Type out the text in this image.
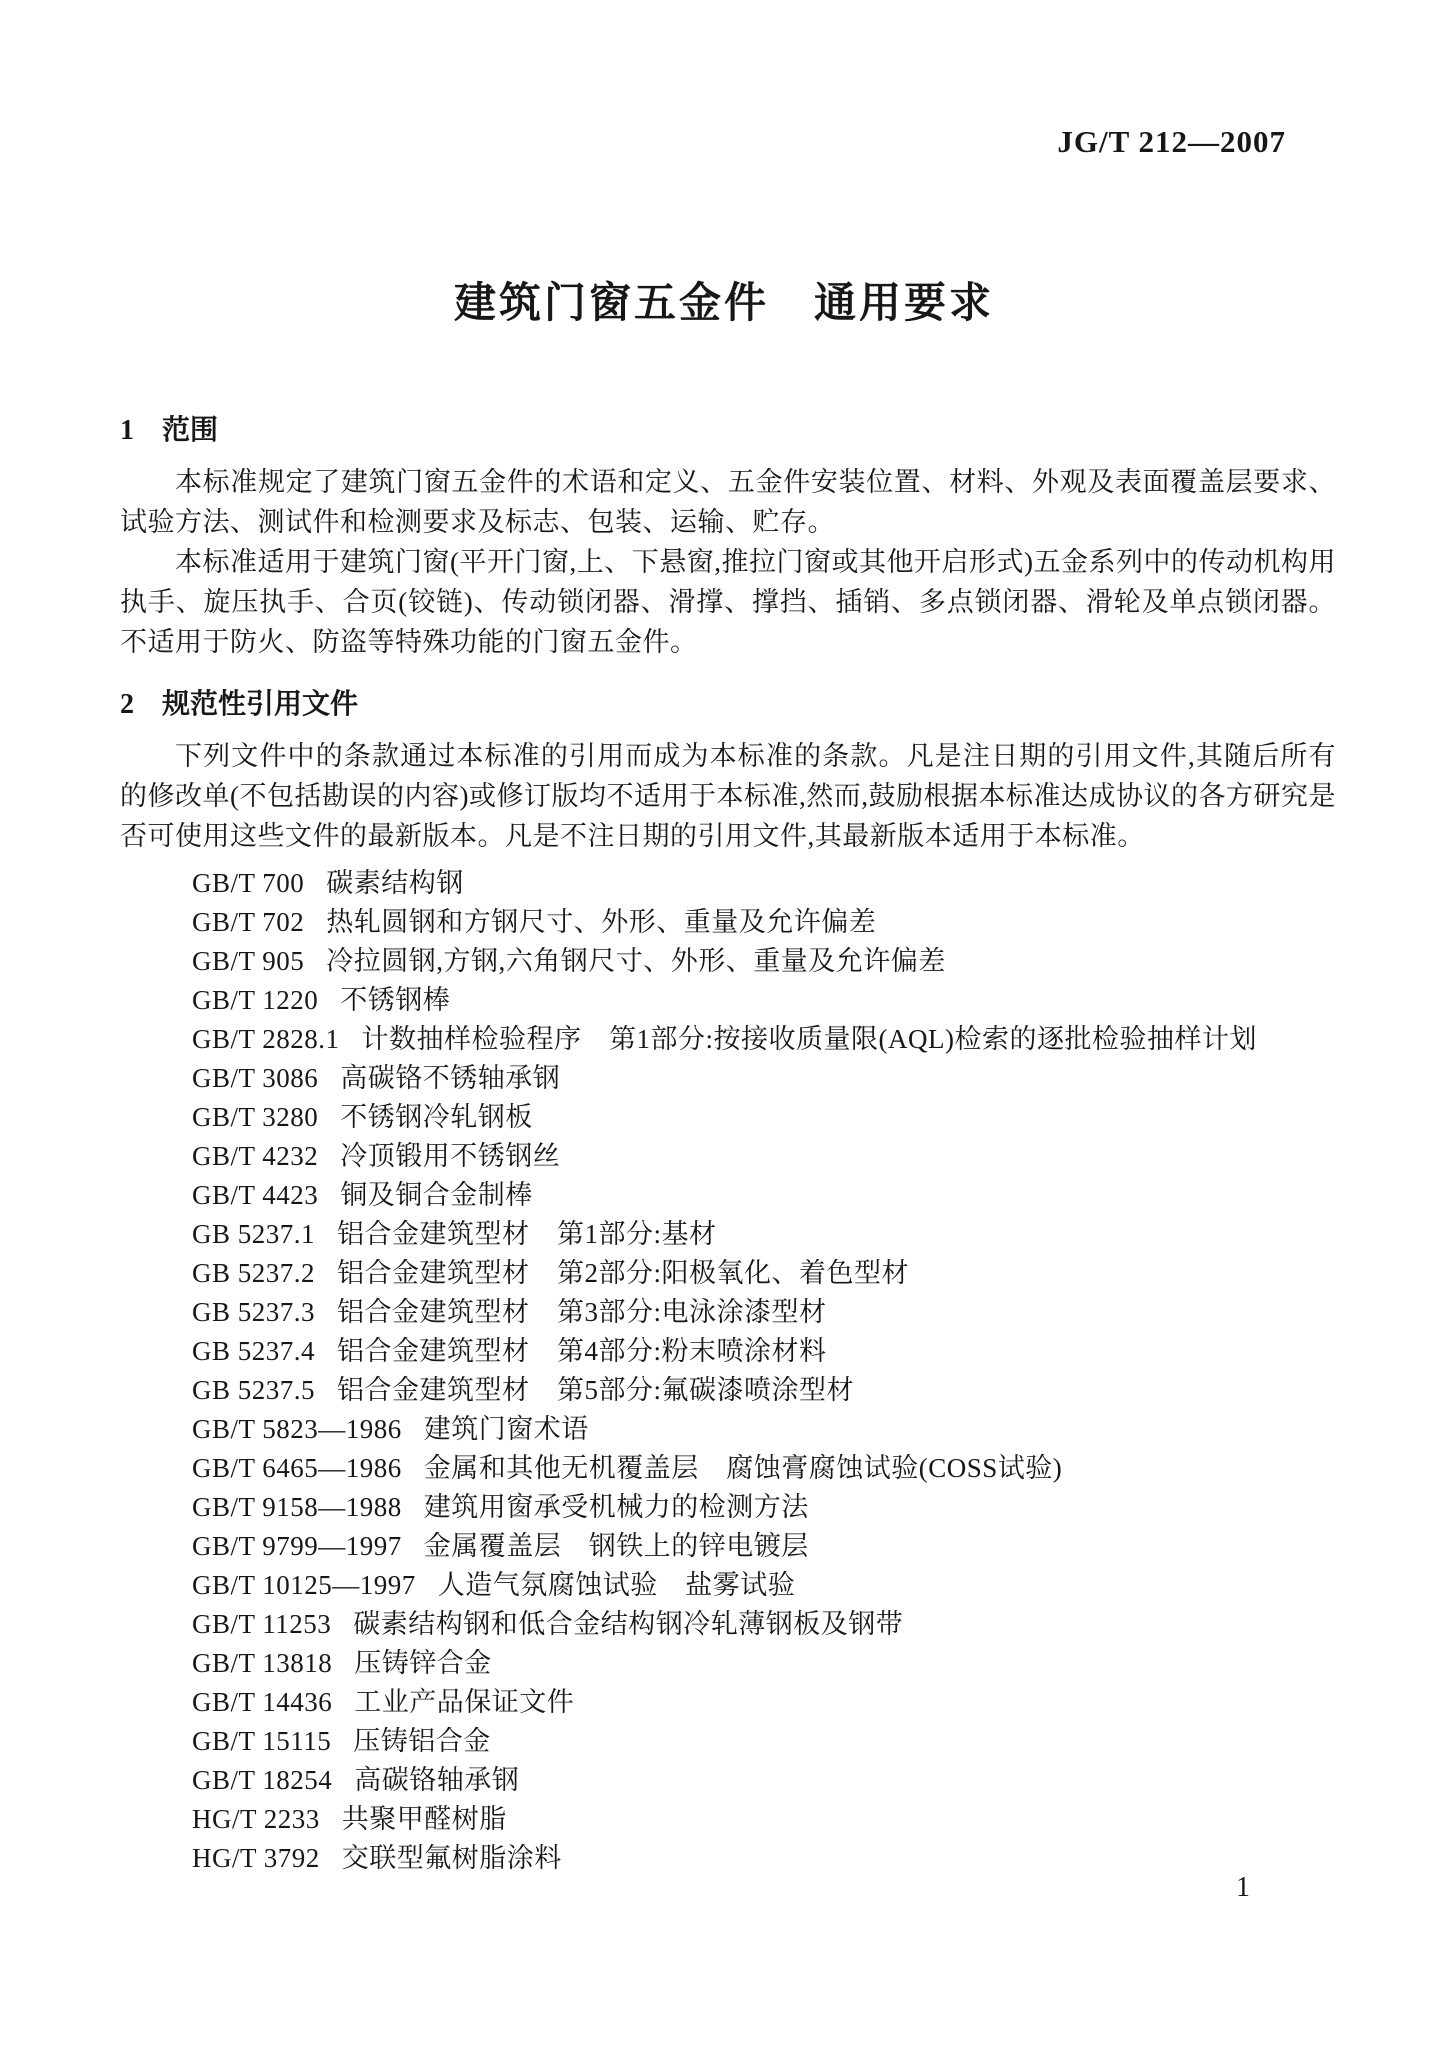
JG/T 212—2007
建筑门窗五金件　通用要求
1 范围

本标准规定了建筑门窗五金件的术语和定义、五金件安装位置、材料、外观及表面覆盖层要求、试验方法、测试件和检测要求及标志、包装、运输、贮存。

本标准适用于建筑门窗(平开门窗,上、下悬窗,推拉门窗或其他开启形式)五金系列中的传动机构用执手、旋压执手、合页(铰链)、传动锁闭器、滑撑、撑挡、插销、多点锁闭器、滑轮及单点锁闭器。不适用于防火、防盗等特殊功能的门窗五金件。

2 规范性引用文件

下列文件中的条款通过本标准的引用而成为本标准的条款。凡是注日期的引用文件,其随后所有的修改单(不包括勘误的内容)或修订版均不适用于本标准,然而,鼓励根据本标准达成协议的各方研究是否可使用这些文件的最新版本。凡是不注日期的引用文件,其最新版本适用于本标准。

GB/T 700 碳素结构钢
GB/T 702 热轧圆钢和方钢尺寸、外形、重量及允许偏差
GB/T 905 冷拉圆钢,方钢,六角钢尺寸、外形、重量及允许偏差
GB/T 1220 不锈钢棒
GB/T 2828.1 计数抽样检验程序　第1部分:按接收质量限(AQL)检索的逐批检验抽样计划
GB/T 3086 高碳铬不锈轴承钢
GB/T 3280 不锈钢冷轧钢板
GB/T 4232 冷顶锻用不锈钢丝
GB/T 4423 铜及铜合金制棒
GB 5237.1 铝合金建筑型材　第1部分:基材
GB 5237.2 铝合金建筑型材　第2部分:阳极氧化、着色型材
GB 5237.3 铝合金建筑型材　第3部分:电泳涂漆型材
GB 5237.4 铝合金建筑型材　第4部分:粉末喷涂材料
GB 5237.5 铝合金建筑型材　第5部分:氟碳漆喷涂型材
GB/T 5823—1986 建筑门窗术语
GB/T 6465—1986 金属和其他无机覆盖层　腐蚀膏腐蚀试验(COSS试验)
GB/T 9158—1988 建筑用窗承受机械力的检测方法
GB/T 9799—1997 金属覆盖层　钢铁上的锌电镀层
GB/T 10125—1997 人造气氛腐蚀试验　盐雾试验
GB/T 11253 碳素结构钢和低合金结构钢冷轧薄钢板及钢带
GB/T 13818 压铸锌合金
GB/T 14436 工业产品保证文件
GB/T 15115 压铸铝合金
GB/T 18254 高碳铬轴承钢
HG/T 2233 共聚甲醛树脂
HG/T 3792 交联型氟树脂涂料
1
